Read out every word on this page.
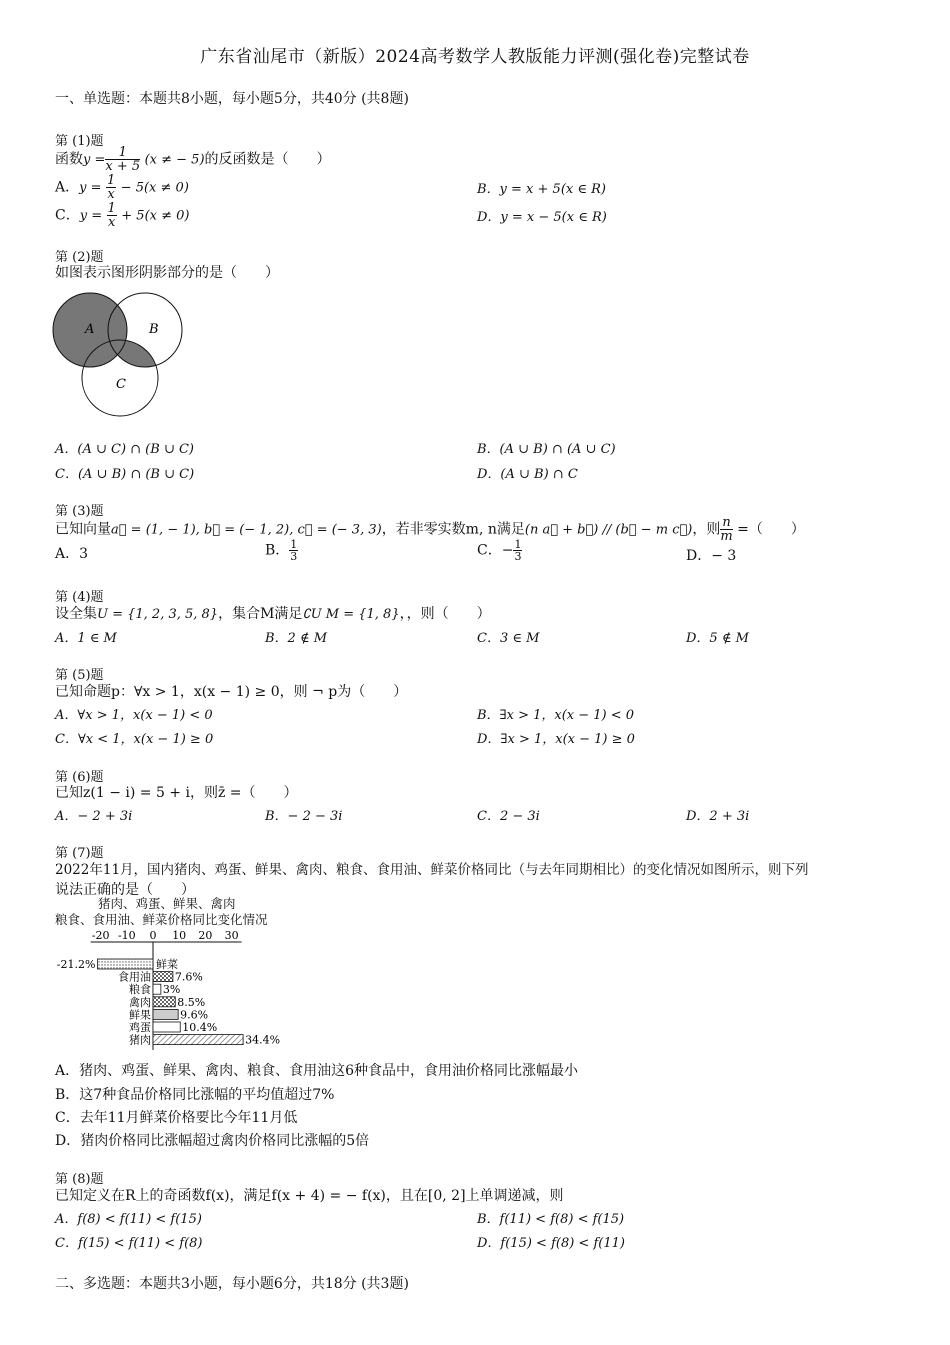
广东省汕尾市（新版）2024高考数学人教版能力评测(强化卷)完整试卷
一、单选题：本题共8小题，每小题5分，共40分 (共8题)
第 (1)题
函数$y = \frac{1}{x + 5} (x$ ≠ − 5)的反函数是（　　）
A．$y = \frac{1}{x} - 5(x \ne 0)$	B．y = x + 5(x ∈ R)
C．$y = \frac{1}{x} + 5(x \ne 0)$	D．y = x − 5(x ∈ R)
第 (2)题
如图表示图形阴影部分的是（　　）
A	B
C
A．(A ∪ C) ∩ (B ∪ C)	B．(A ∪ B) ∩ (A ∪ C)
C．(A ∪ B) ∩ (B ∪ C)	D．(A ∪ B) ∩ C
第 (3)题
已知向量a⃗ = (1, − 1), b⃗ = (− 1, 2), c⃗ = (− 3, 3)，若非零实数m, n满足(n a⃗ + b⃗) // (b⃗ − m c⃗)，则 $\frac{n}{m}$ =（　　）
A．3	B． $\frac{1}{3}$	C．− $\frac{1}{3}$	D．− 3
第 (4)题
设全集U = {1, 2, 3, 5, 8}，集合M满足∁U M = {1, 8}，，则（　　）
A．1 ∈ M	B．2 ∉ M	C．3 ∈ M	D．5 ∉ M
第 (5)题
已知命题p：∀x > 1，x(x − 1) ≥ 0，则 ¬ p为（　　）
A．∀x > 1，x(x − 1) < 0	B．∃x > 1，x(x − 1) < 0
C．∀x < 1，x(x − 1) ≥ 0	D．∃x > 1，x(x − 1) ≥ 0
第 (6)题
已知z(1 − i) = 5 + i，则z̄ =（　　）
A．− 2 + 3i	B．− 2 − 3i	C．2 − 3i	D．2 + 3i
第 (7)题
2022年11月，国内猪肉、鸡蛋、鲜果、禽肉、粮食、食用油、鲜菜价格同比（与去年同期相比）的变化情况如图所示，则下列
说法正确的是（　　）
猪肉、鸡蛋、鲜果、禽肉
粮食、食用油、鲜菜价格同比变化情况
-20 -10 0 10 20 30
鲜菜
-21.2%
食用油 7.6%
粮食 3%
禽肉 8.5%
鲜果	9.6%
鸡蛋	10.4%
猪肉	34.4%
A．猪肉、鸡蛋、鲜果、禽肉、粮食、食用油这6种食品中，食用油价格同比涨幅最小
B．这7种食品价格同比涨幅的平均值超过7%
C．去年11月鲜菜价格要比今年11月低
D．猪肉价格同比涨幅超过禽肉价格同比涨幅的5倍
第 (8)题
已知定义在R上的奇函数f(x)，满足f(x + 4) = − f(x)，且在[0, 2]上单调递减，则
A．f(8) < f(11) < f(15)	B．f(11) < f(8) < f(15)
C．f(15) < f(11) < f(8)	D．f(15) < f(8) < f(11)
二、多选题：本题共3小题，每小题6分，共18分 (共3题)
